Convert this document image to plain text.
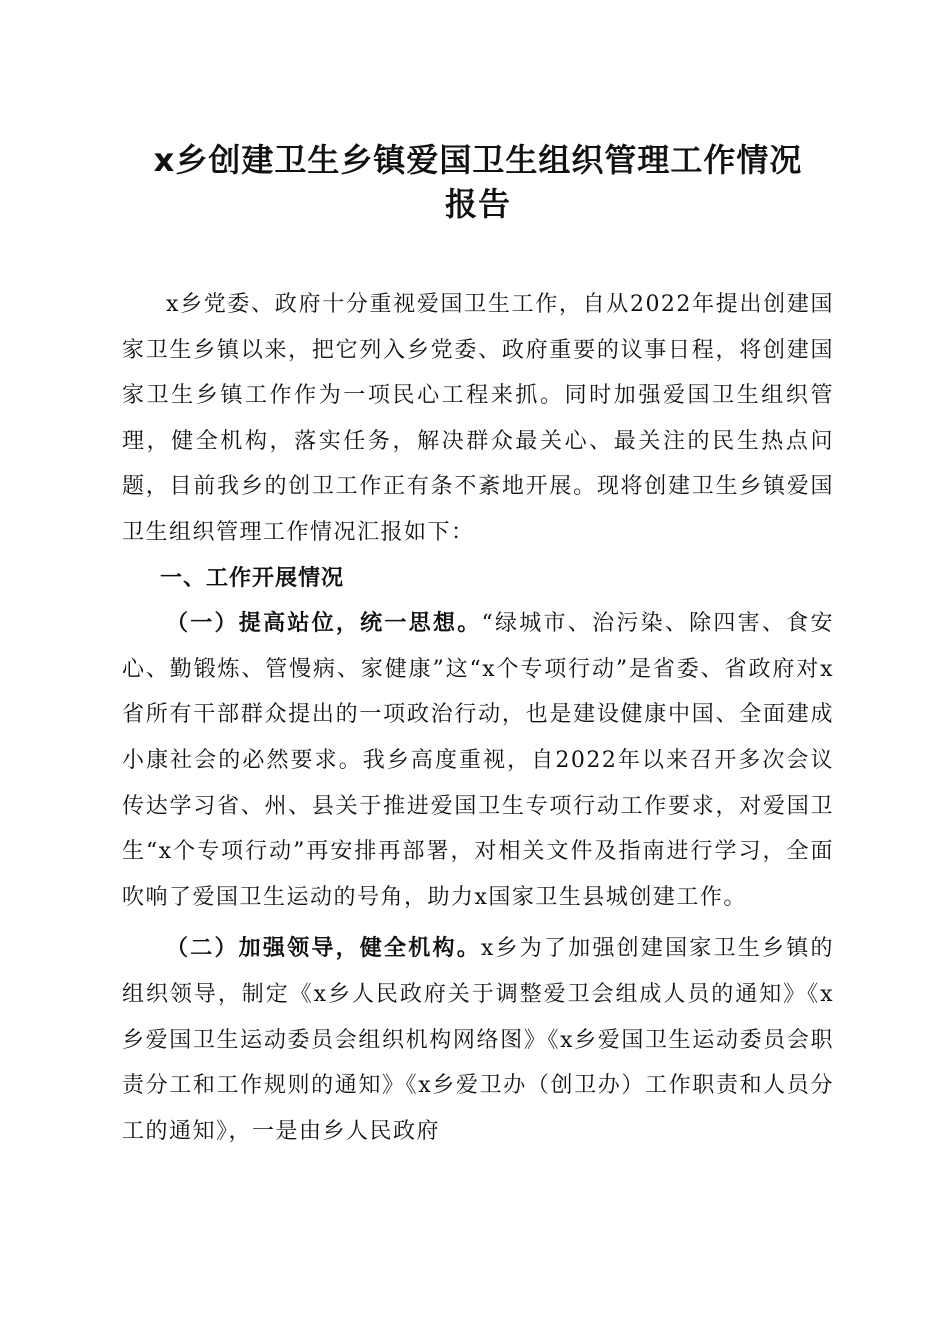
x乡创建卫生乡镇爱国卫生组织管理工作情况
报告

x乡党委、政府十分重视爱国卫生工作，自从2022年提出创建国家卫生乡镇以来，把它列入乡党委、政府重要的议事日程，将创建国家卫生乡镇工作作为一项民心工程来抓。同时加强爱国卫生组织管理，健全机构，落实任务，解决群众最关心、最关注的民生热点问题，目前我乡的创卫工作正有条不紊地开展。现将创建卫生乡镇爱国卫生组织管理工作情况汇报如下：

一、工作开展情况

（一）提高站位，统一思想。“绿城市、治污染、除四害、食安心、勤锻炼、管慢病、家健康”这“x个专项行动”是省委、省政府对x省所有干部群众提出的一项政治行动，也是建设健康中国、全面建成小康社会的必然要求。我乡高度重视，自2022年以来召开多次会议传达学习省、州、县关于推进爱国卫生专项行动工作要求，对爱国卫生“x个专项行动”再安排再部署，对相关文件及指南进行学习，全面吹响了爱国卫生运动的号角，助力x国家卫生县城创建工作。

（二）加强领导，健全机构。x乡为了加强创建国家卫生乡镇的组织领导，制定《x乡人民政府关于调整爱卫会组成人员的通知》《x乡爱国卫生运动委员会组织机构网络图》《x乡爱国卫生运动委员会职责分工和工作规则的通知》《x乡爱卫办（创卫办）工作职责和人员分工的通知》，一是由乡人民政府
